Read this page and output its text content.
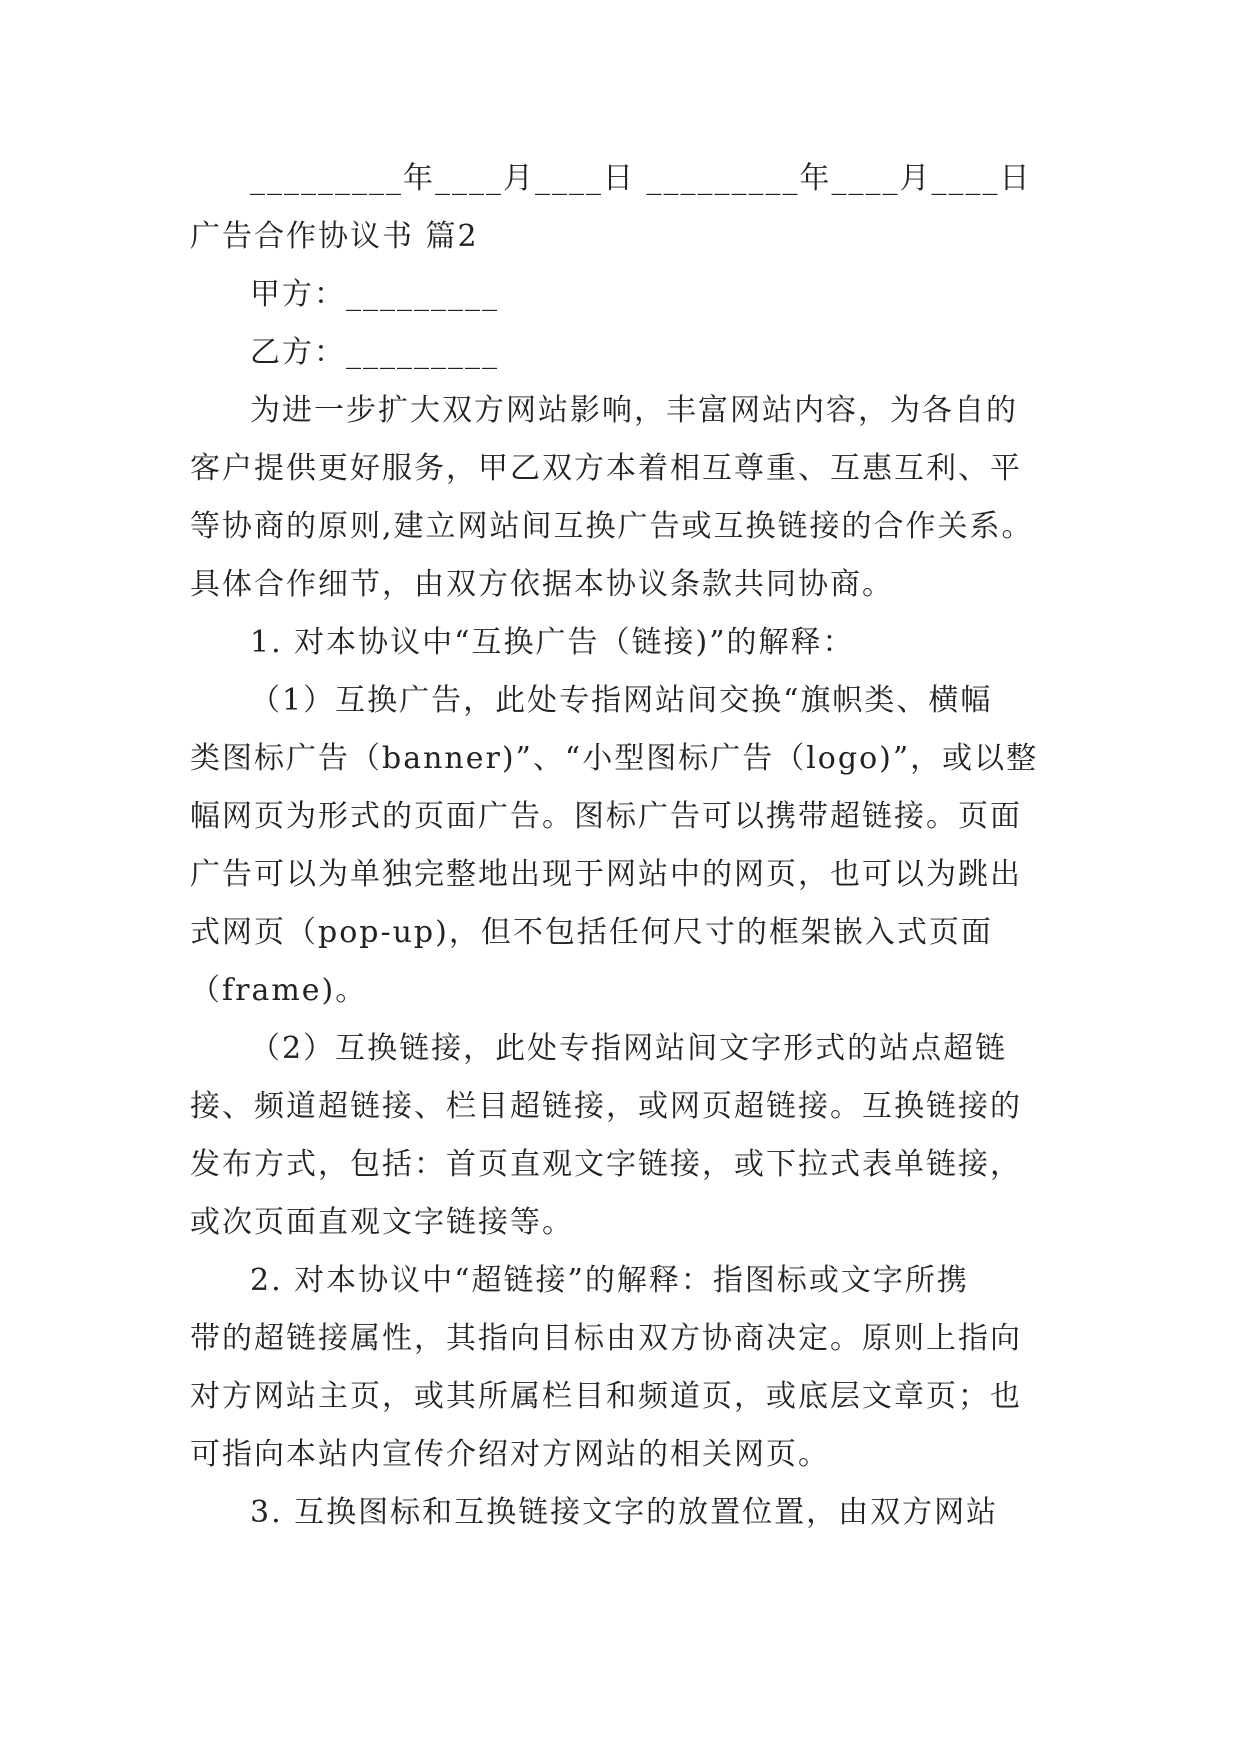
_________年____月____日 _________年____月____日
广告合作协议书 篇2
甲方：_________
乙方：_________
为进一步扩大双方网站影响，丰富网站内容，为各自的
客户提供更好服务，甲乙双方本着相互尊重、互惠互利、平
等协商的原则,建立网站间互换广告或互换链接的合作关系。
具体合作细节，由双方依据本协议条款共同协商。
1. 对本协议中“互换广告（链接)”的解释：
（1）互换广告，此处专指网站间交换“旗帜类、横幅
类图标广告（banner)”、“小型图标广告（logo)”，或以整
幅网页为形式的页面广告。图标广告可以携带超链接。页面
广告可以为单独完整地出现于网站中的网页，也可以为跳出
式网页（pop-up)，但不包括任何尺寸的框架嵌入式页面
（frame)。
（2）互换链接，此处专指网站间文字形式的站点超链
接、频道超链接、栏目超链接，或网页超链接。互换链接的
发布方式，包括：首页直观文字链接，或下拉式表单链接，
或次页面直观文字链接等。
2. 对本协议中“超链接”的解释：指图标或文字所携
带的超链接属性，其指向目标由双方协商决定。原则上指向
对方网站主页，或其所属栏目和频道页，或底层文章页；也
可指向本站内宣传介绍对方网站的相关网页。
3. 互换图标和互换链接文字的放置位置，由双方网站
